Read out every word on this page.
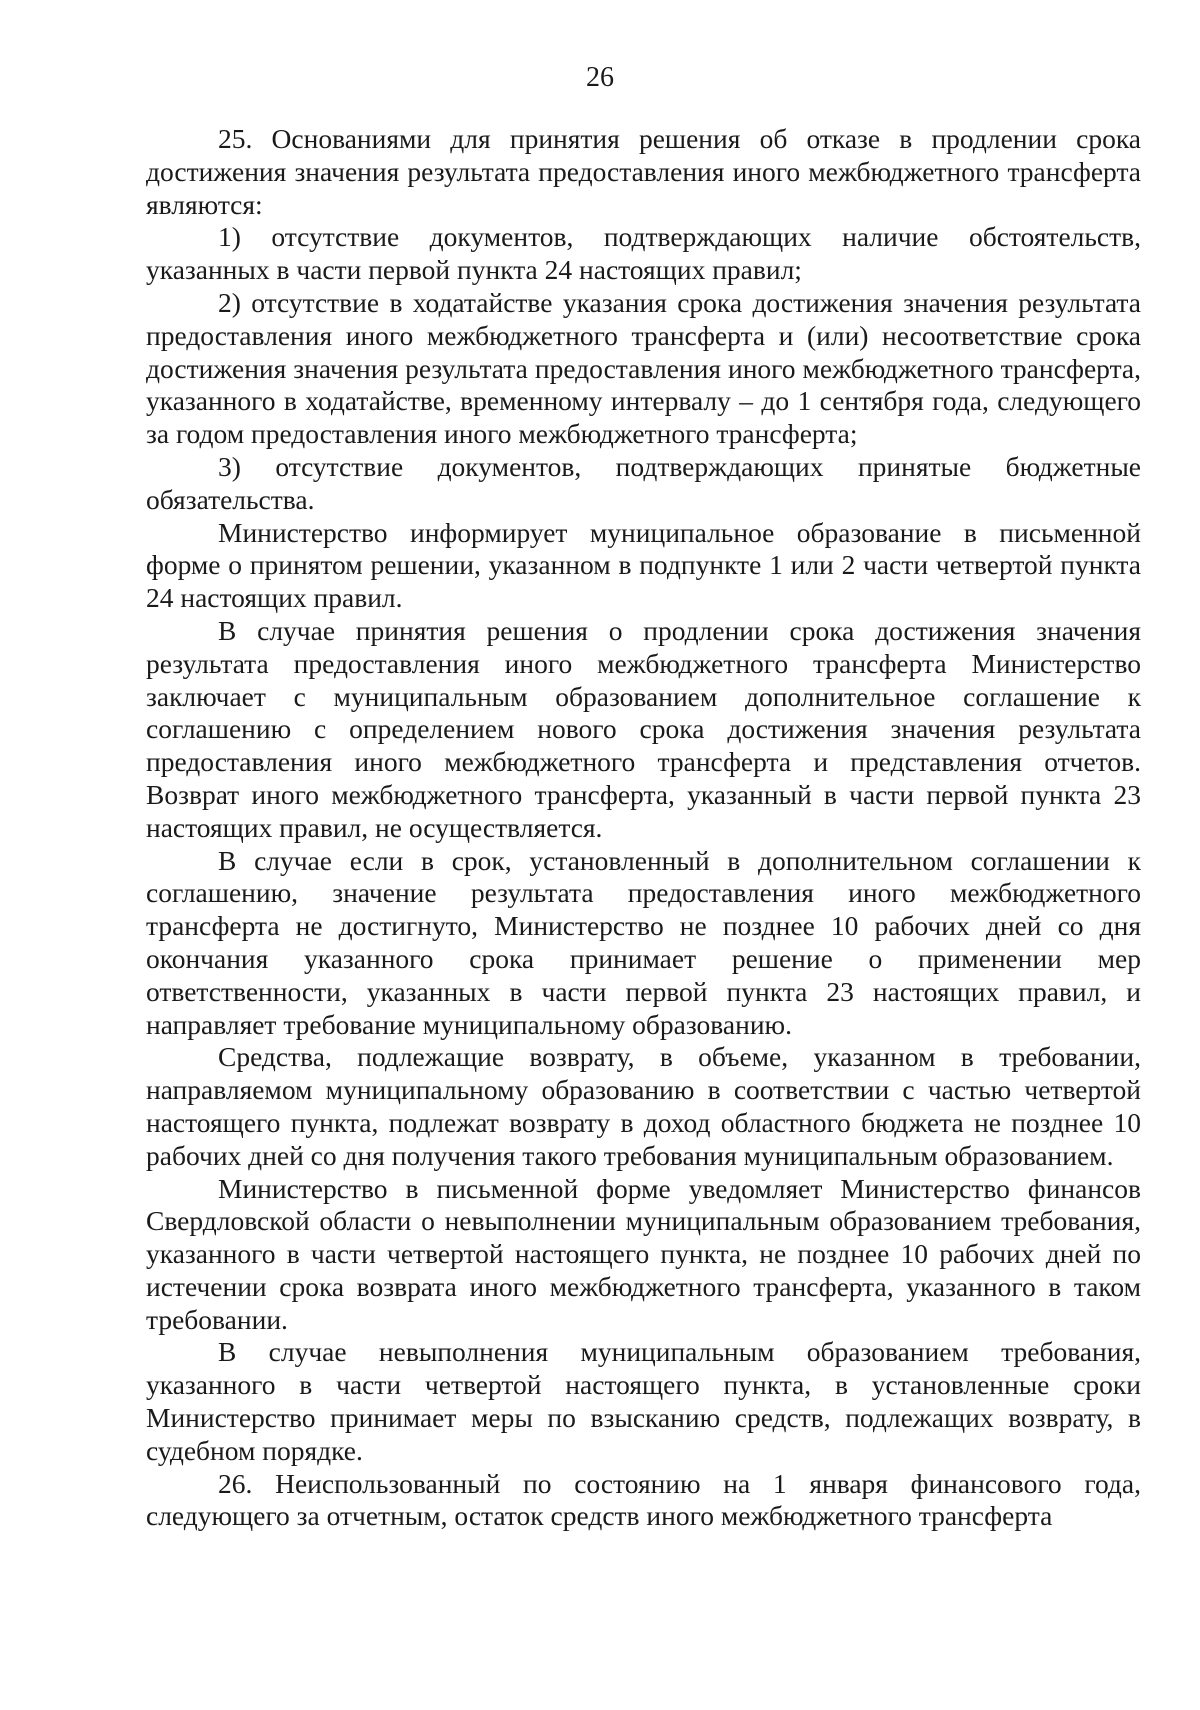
26

25. Основаниями для принятия решения об отказе в продлении срока достижения значения результата предоставления иного межбюджетного трансферта являются:

1) отсутствие документов, подтверждающих наличие обстоятельств, указанных в части первой пункта 24 настоящих правил;

2) отсутствие в ходатайстве указания срока достижения значения результата предоставления иного межбюджетного трансферта и (или) несоответствие срока достижения значения результата предоставления иного межбюджетного трансферта, указанного в ходатайстве, временному интервалу – до 1 сентября года, следующего за годом предоставления иного межбюджетного трансферта;

3) отсутствие документов, подтверждающих принятые бюджетные обязательства.

Министерство информирует муниципальное образование в письменной форме о принятом решении, указанном в подпункте 1 или 2 части четвертой пункта 24 настоящих правил.

В случае принятия решения о продлении срока достижения значения результата предоставления иного межбюджетного трансферта Министерство заключает с муниципальным образованием дополнительное соглашение к соглашению с определением нового срока достижения значения результата предоставления иного межбюджетного трансферта и представления отчетов. Возврат иного межбюджетного трансферта, указанный в части первой пункта 23 настоящих правил, не осуществляется.

В случае если в срок, установленный в дополнительном соглашении к соглашению, значение результата предоставления иного межбюджетного трансферта не достигнуто, Министерство не позднее 10 рабочих дней со дня окончания указанного срока принимает решение о применении мер ответственности, указанных в части первой пункта 23 настоящих правил, и направляет требование муниципальному образованию.

Средства, подлежащие возврату, в объеме, указанном в требовании, направляемом муниципальному образованию в соответствии с частью четвертой настоящего пункта, подлежат возврату в доход областного бюджета не позднее 10 рабочих дней со дня получения такого требования муниципальным образованием.

Министерство в письменной форме уведомляет Министерство финансов Свердловской области о невыполнении муниципальным образованием требования, указанного в части четвертой настоящего пункта, не позднее 10 рабочих дней по истечении срока возврата иного межбюджетного трансферта, указанного в таком требовании.

В случае невыполнения муниципальным образованием требования, указанного в части четвертой настоящего пункта, в установленные сроки Министерство принимает меры по взысканию средств, подлежащих возврату, в судебном порядке.

26. Неиспользованный по состоянию на 1 января финансового года, следующего за отчетным, остаток средств иного межбюджетного трансферта
